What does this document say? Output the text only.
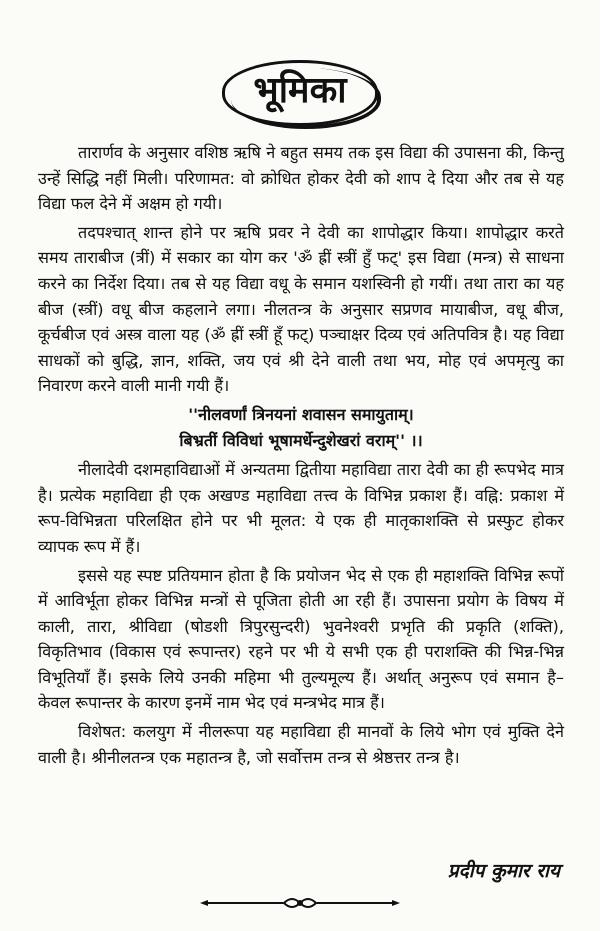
भूमिका

तारार्णव के अनुसार वशिष्ठ ऋषि ने बहुत समय तक इस विद्या की उपासना की, किन्तु उन्हें सिद्धि नहीं मिली। परिणामत: वो क्रोधित होकर देवी को शाप दे दिया और तब से यह विद्या फल देने में अक्षम हो गयी।

तदपश्चात् शान्त होने पर ऋषि प्रवर ने देवी का शापोद्धार किया। शापोद्धार करते समय ताराबीज (त्रीं) में सकार का योग कर 'ॐ ह्रीं स्त्रीं हुँ फट्' इस विद्या (मन्त्र) से साधना करने का निर्देश दिया। तब से यह विद्या वधू के समान यशस्विनी हो गयीं। तथा तारा का यह बीज (स्त्रीं) वधू बीज कहलाने लगा। नीलतन्त्र के अनुसार सप्रणव मायाबीज, वधू बीज, कूर्चबीज एवं अस्त्र वाला यह (ॐ ह्रीं स्त्रीं हूँ फट्) पञ्चाक्षर दिव्य एवं अतिपवित्र है। यह विद्या साधकों को बुद्धि, ज्ञान, शक्ति, जय एवं श्री देने वाली तथा भय, मोह एवं अपमृत्यु का निवारण करने वाली मानी गयी हैं।

''नीलवर्णां त्रिनयनां शवासन समायुताम्।
बिभ्रतीं विविधां भूषामर्धेन्दुशेखरां वराम्'' ।।

नीलादेवी दशमहाविद्याओं में अन्यतमा द्वितीया महाविद्या तारा देवी का ही रूपभेद मात्र है। प्रत्येक महाविद्या ही एक अखण्ड महाविद्या तत्त्व के विभिन्न प्रकाश हैं। वह्नि: प्रकाश में रूप-विभिन्नता परिलक्षित होने पर भी मूलत: ये एक ही मातृकाशक्ति से प्रस्फुट होकर व्यापक रूप में हैं।

इससे यह स्पष्ट प्रतियमान होता है कि प्रयोजन भेद से एक ही महाशक्ति विभिन्न रूपों में आविर्भूता होकर विभिन्न मन्त्रों से पूजिता होती आ रही हैं। उपासना प्रयोग के विषय में काली, तारा, श्रीविद्या (षोडशी त्रिपुरसुन्दरी) भुवनेश्वरी प्रभृति की प्रकृति (शक्ति), विकृतिभाव (विकास एवं रूपान्तर) रहने पर भी ये सभी एक ही पराशक्ति की भिन्न-भिन्न विभूतियाँ हैं। इसके लिये उनकी महिमा भी तुल्यमूल्य हैं। अर्थात् अनुरूप एवं समान है– केवल रूपान्तर के कारण इनमें नाम भेद एवं मन्त्रभेद मात्र हैं।

विशेषत: कलयुग में नीलरूपा यह महाविद्या ही मानवों के लिये भोग एवं मुक्ति देने वाली है। श्रीनीलतन्त्र एक महातन्त्र है, जो सर्वोत्तम तन्त्र से श्रेष्ठत्तर तन्त्र है।

प्रदीप कुमार राय
